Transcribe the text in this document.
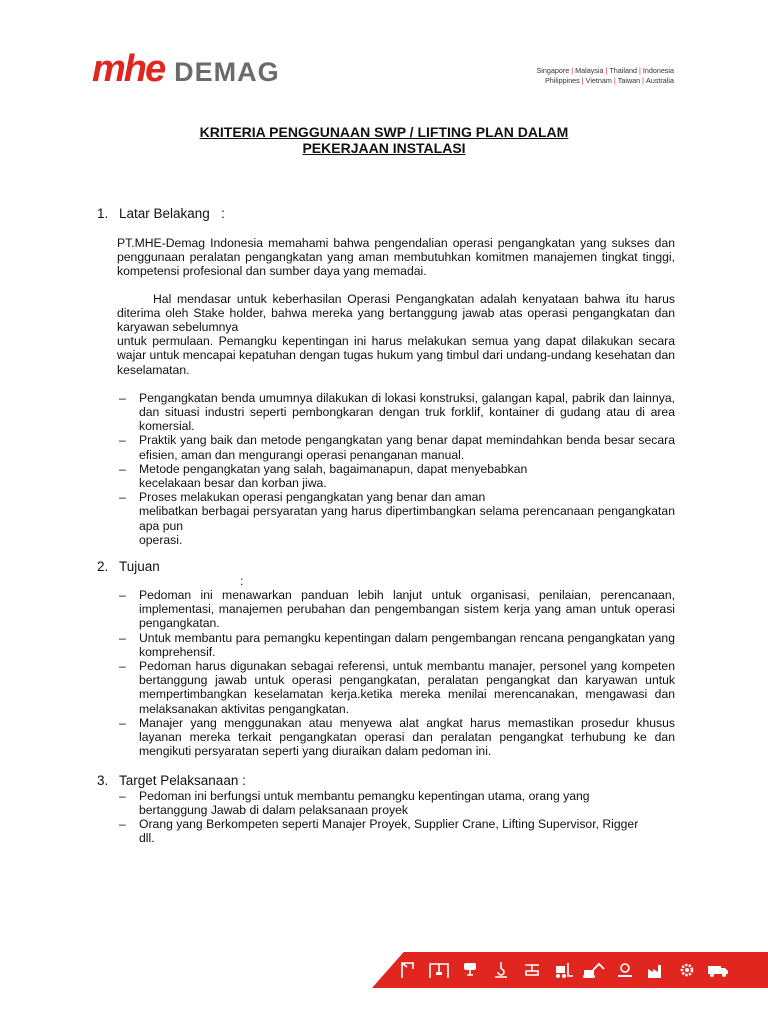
mhe DEMAG	Singapore | Malaysia | Thailand | Indonesia
Philippines | Vietnam | Taiwan | Australia
KRITERIA PENGGUNAAN SWP / LIFTING PLAN DALAM
PEKERJAAN INSTALASI
1. Latar Belakang   :
PT.MHE-Demag Indonesia memahami bahwa pengendalian operasi pengangkatan yang sukses dan penggunaan peralatan pengangkatan yang aman membutuhkan komitmen manajemen tingkat tinggi, kompetensi profesional dan sumber daya yang memadai.
Hal mendasar untuk keberhasilan Operasi Pengangkatan adalah kenyataan bahwa itu harus diterima oleh Stake holder, bahwa mereka yang bertanggung jawab atas operasi pengangkatan dan karyawan sebelumnya
untuk permulaan. Pemangku kepentingan ini harus melakukan semua yang dapat dilakukan secara wajar untuk mencapai kepatuhan dengan tugas hukum yang timbul dari undang-undang kesehatan dan keselamatan.
– Pengangkatan benda umumnya dilakukan di lokasi konstruksi, galangan kapal, pabrik dan lainnya, dan situasi industri seperti pembongkaran dengan truk forklif, kontainer di gudang atau di area komersial.
– Praktik yang baik dan metode pengangkatan yang benar dapat memindahkan benda besar secara efisien, aman dan mengurangi operasi penanganan manual.
– Metode pengangkatan yang salah, bagaimanapun, dapat menyebabkan
kecelakaan besar dan korban jiwa.
– Proses melakukan operasi pengangkatan yang benar dan aman
melibatkan berbagai persyaratan yang harus dipertimbangkan selama perencanaan pengangkatan apa pun
operasi.
2. Tujuan
:
– Pedoman ini menawarkan panduan lebih lanjut untuk organisasi, penilaian, perencanaan, implementasi, manajemen perubahan dan pengembangan sistem kerja yang aman untuk operasi pengangkatan.
– Untuk membantu para pemangku kepentingan dalam pengembangan rencana pengangkatan yang komprehensif.
– Pedoman harus digunakan sebagai referensi, untuk membantu manajer, personel yang kompeten bertanggung jawab untuk operasi pengangkatan, peralatan pengangkat dan karyawan untuk mempertimbangkan keselamatan kerja.ketika mereka menilai merencanakan, mengawasi dan melaksanakan aktivitas pengangkatan.
– Manajer yang menggunakan atau menyewa alat angkat harus memastikan prosedur khusus layanan mereka terkait pengangkatan operasi dan peralatan pengangkat terhubung ke dan mengikuti persyaratan seperti yang diuraikan dalam pedoman ini.
3. Target Pelaksanaan :
– Pedoman ini berfungsi untuk membantu pemangku kepentingan utama, orang yang
bertanggung Jawab di dalam pelaksanaan proyek
– Orang yang Berkompeten seperti Manajer Proyek, Supplier Crane, Lifting Supervisor, Rigger
dll.
